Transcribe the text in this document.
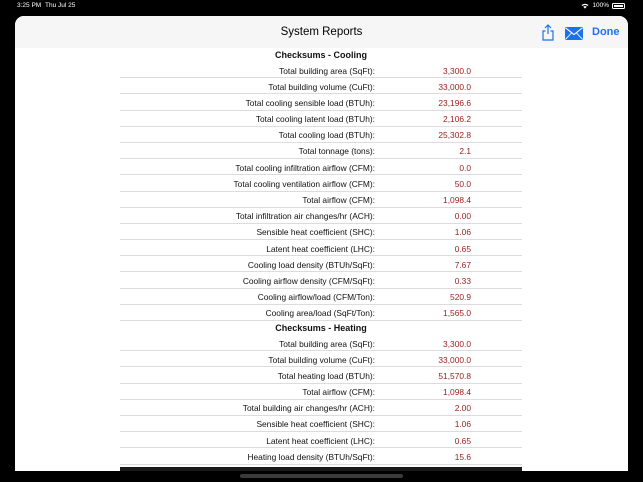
3:25 PM Thu Jul 25	100%
System Reports	Done
Checksums - Cooling
Total building area (SqFt):	3,300.0
Total building volume (CuFt):	33,000.0
Total cooling sensible load (BTUh):	23,196.6
Total cooling latent load (BTUh):	2,106.2
Total cooling load (BTUh):	25,302.8
Total tonnage (tons):	2.1
Total cooling infiltration airflow (CFM):	0.0
Total cooling ventilation airflow (CFM):	50.0
Total airflow (CFM):	1,098.4
Total infiltration air changes/hr (ACH):	0.00
Sensible heat coefficient (SHC):	1.06
Latent heat coefficient (LHC):	0.65
Cooling load density (BTUh/SqFt):	7.67
Cooling airflow density (CFM/SqFt):	0.33
Cooling airflow/load (CFM/Ton):	520.9
Cooling area/load (SqFt/Ton):	1,565.0
Checksums - Heating
Total building area (SqFt):	3,300.0
Total building volume (CuFt):	33,000.0
Total heating load (BTUh):	51,570.8
Total airflow (CFM):	1,098.4
Total building air changes/hr (ACH):	2.00
Sensible heat coefficient (SHC):	1.06
Latent heat coefficient (LHC):	0.65
Heating load density (BTUh/SqFt):	15.6
